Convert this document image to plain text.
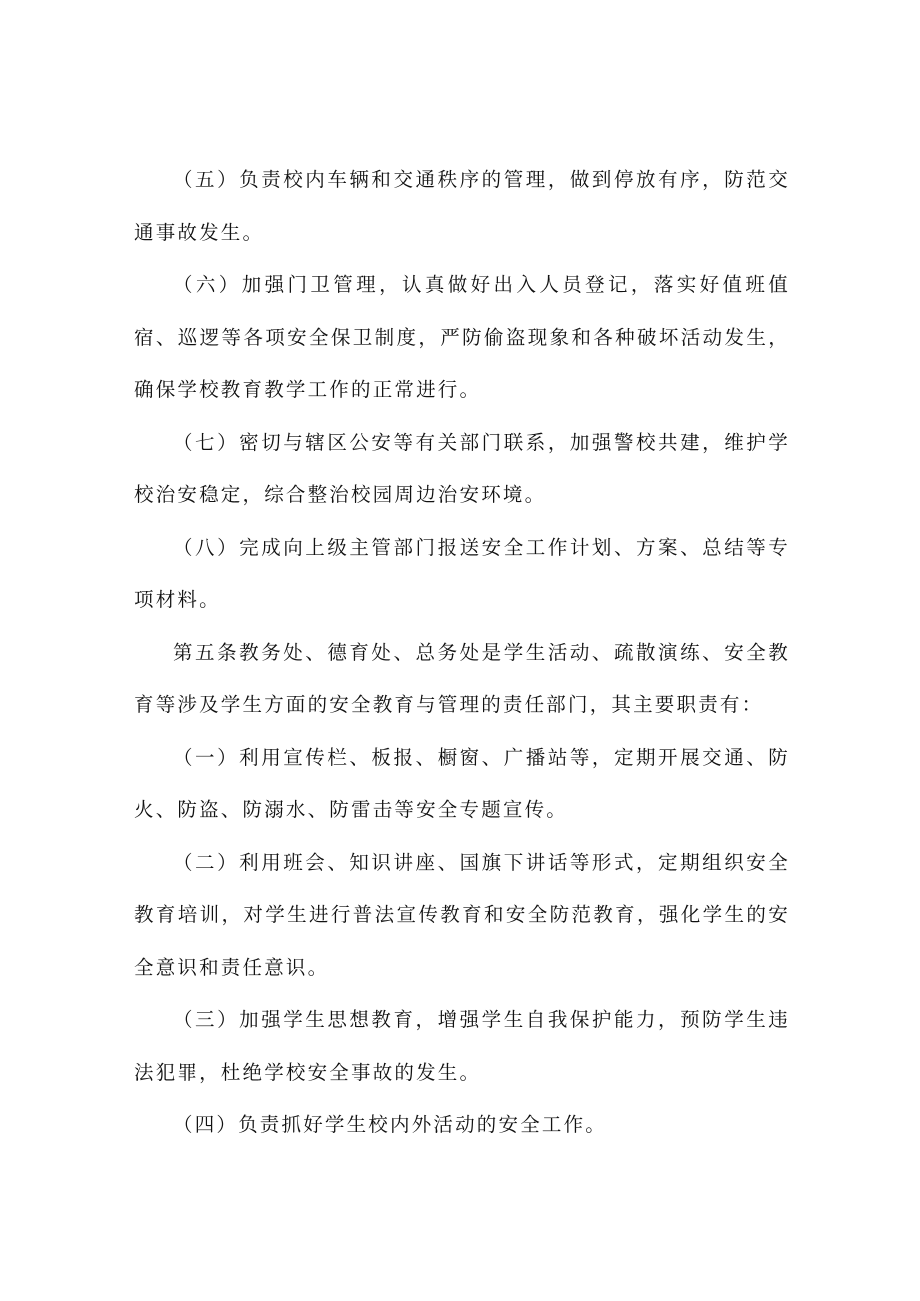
（五）负责校内车辆和交通秩序的管理，做到停放有序，防范交通事故发生。

（六）加强门卫管理，认真做好出入人员登记，落实好值班值宿、巡逻等各项安全保卫制度，严防偷盗现象和各种破坏活动发生，确保学校教育教学工作的正常进行。

（七）密切与辖区公安等有关部门联系，加强警校共建，维护学校治安稳定，综合整治校园周边治安环境。

（八）完成向上级主管部门报送安全工作计划、方案、总结等专项材料。

第五条教务处、德育处、总务处是学生活动、疏散演练、安全教育等涉及学生方面的安全教育与管理的责任部门，其主要职责有：

（一）利用宣传栏、板报、橱窗、广播站等，定期开展交通、防火、防盗、防溺水、防雷击等安全专题宣传。

（二）利用班会、知识讲座、国旗下讲话等形式，定期组织安全教育培训，对学生进行普法宣传教育和安全防范教育，强化学生的安全意识和责任意识。

（三）加强学生思想教育，增强学生自我保护能力，预防学生违法犯罪，杜绝学校安全事故的发生。

（四）负责抓好学生校内外活动的安全工作。
